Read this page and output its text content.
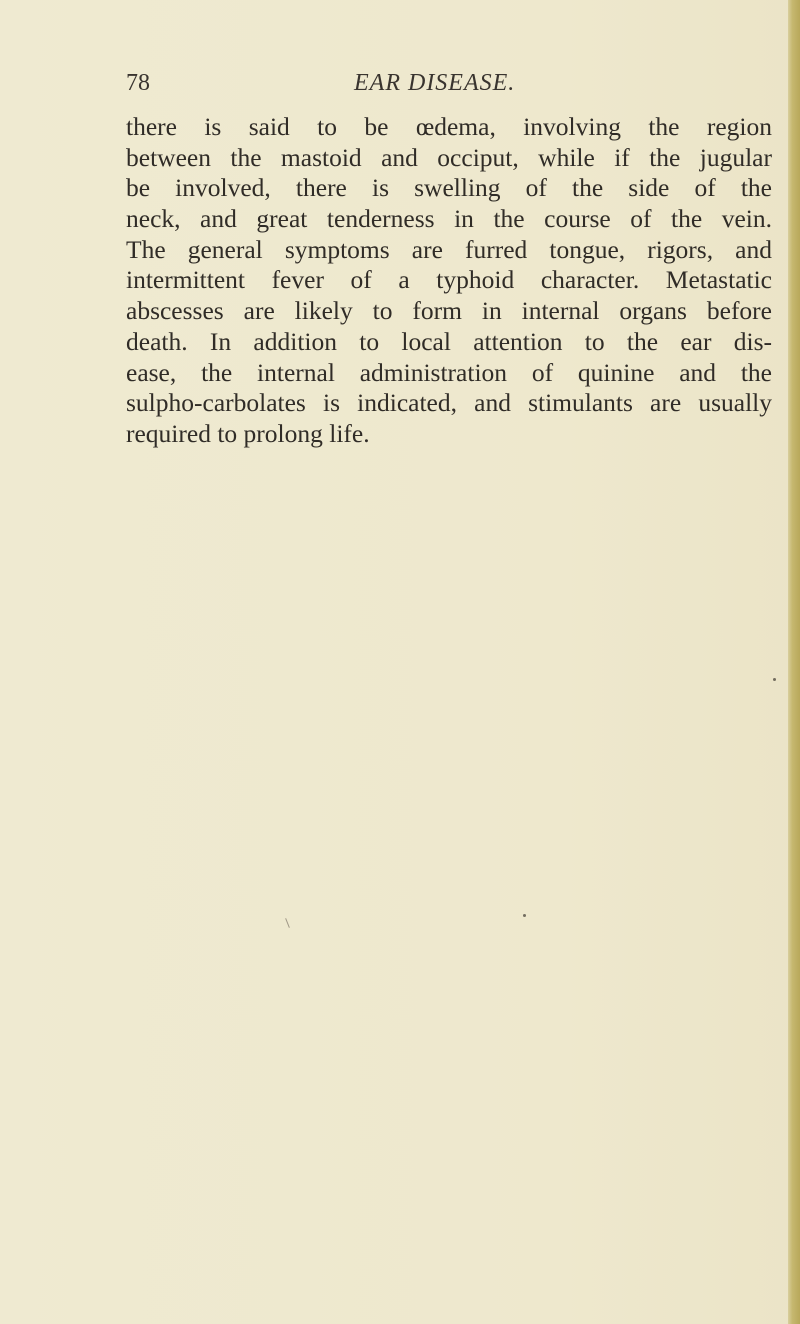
78	EAR DISEASE.
there is said to be œdema, involving the region
between the mastoid and occiput, while if the jugular
be involved, there is swelling of the side of the
neck, and great tenderness in the course of the vein.
The general symptoms are furred tongue, rigors, and
intermittent fever of a typhoid character. Metastatic
abscesses are likely to form in internal organs before
death. In addition to local attention to the ear dis-
ease, the internal administration of quinine and the
sulpho-carbolates is indicated, and stimulants are usually
required to prolong life.
